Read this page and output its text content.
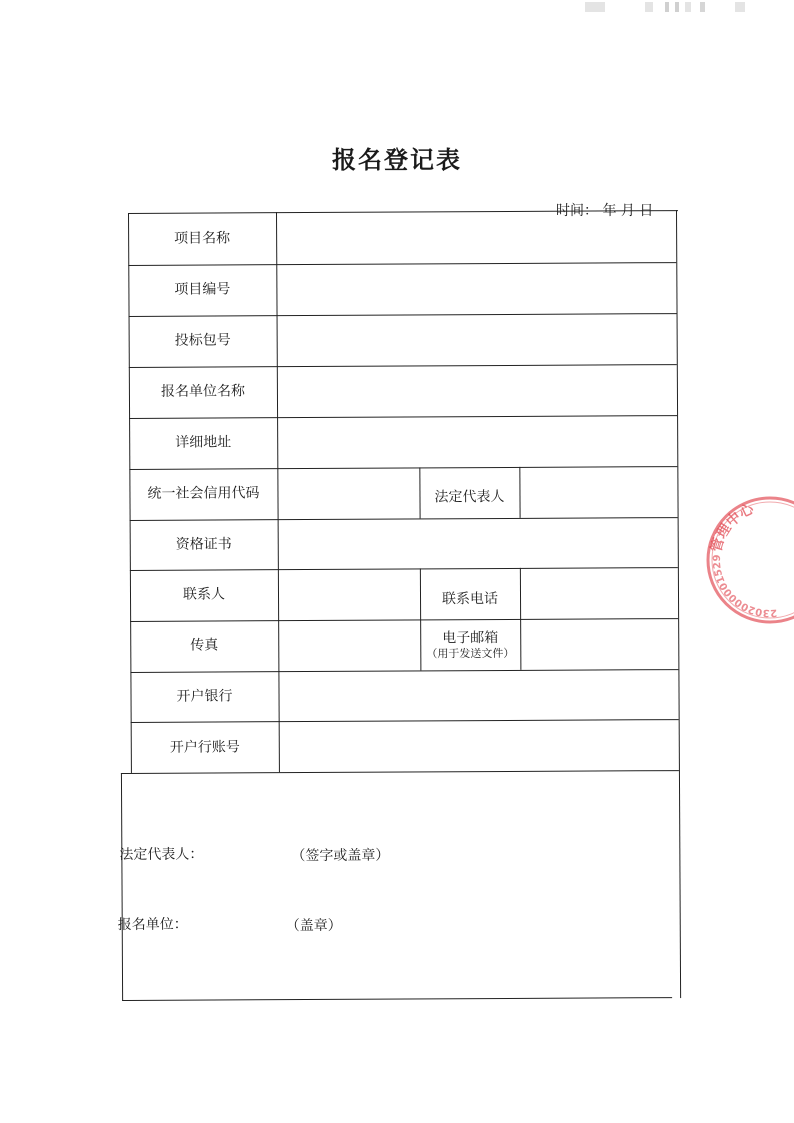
报名登记表
时间： 年 月 日
项目名称
项目编号
投标包号
报名单位名称
详细地址
统一社会信用代码	法定代表人
资格证书
联系人	联系电话
传真	电子邮箱
（用于发送文件）
开户银行
开户行账号
法定代表人：	（签字或盖章）
报名单位：	（盖章）
管理中心
2302000001529
